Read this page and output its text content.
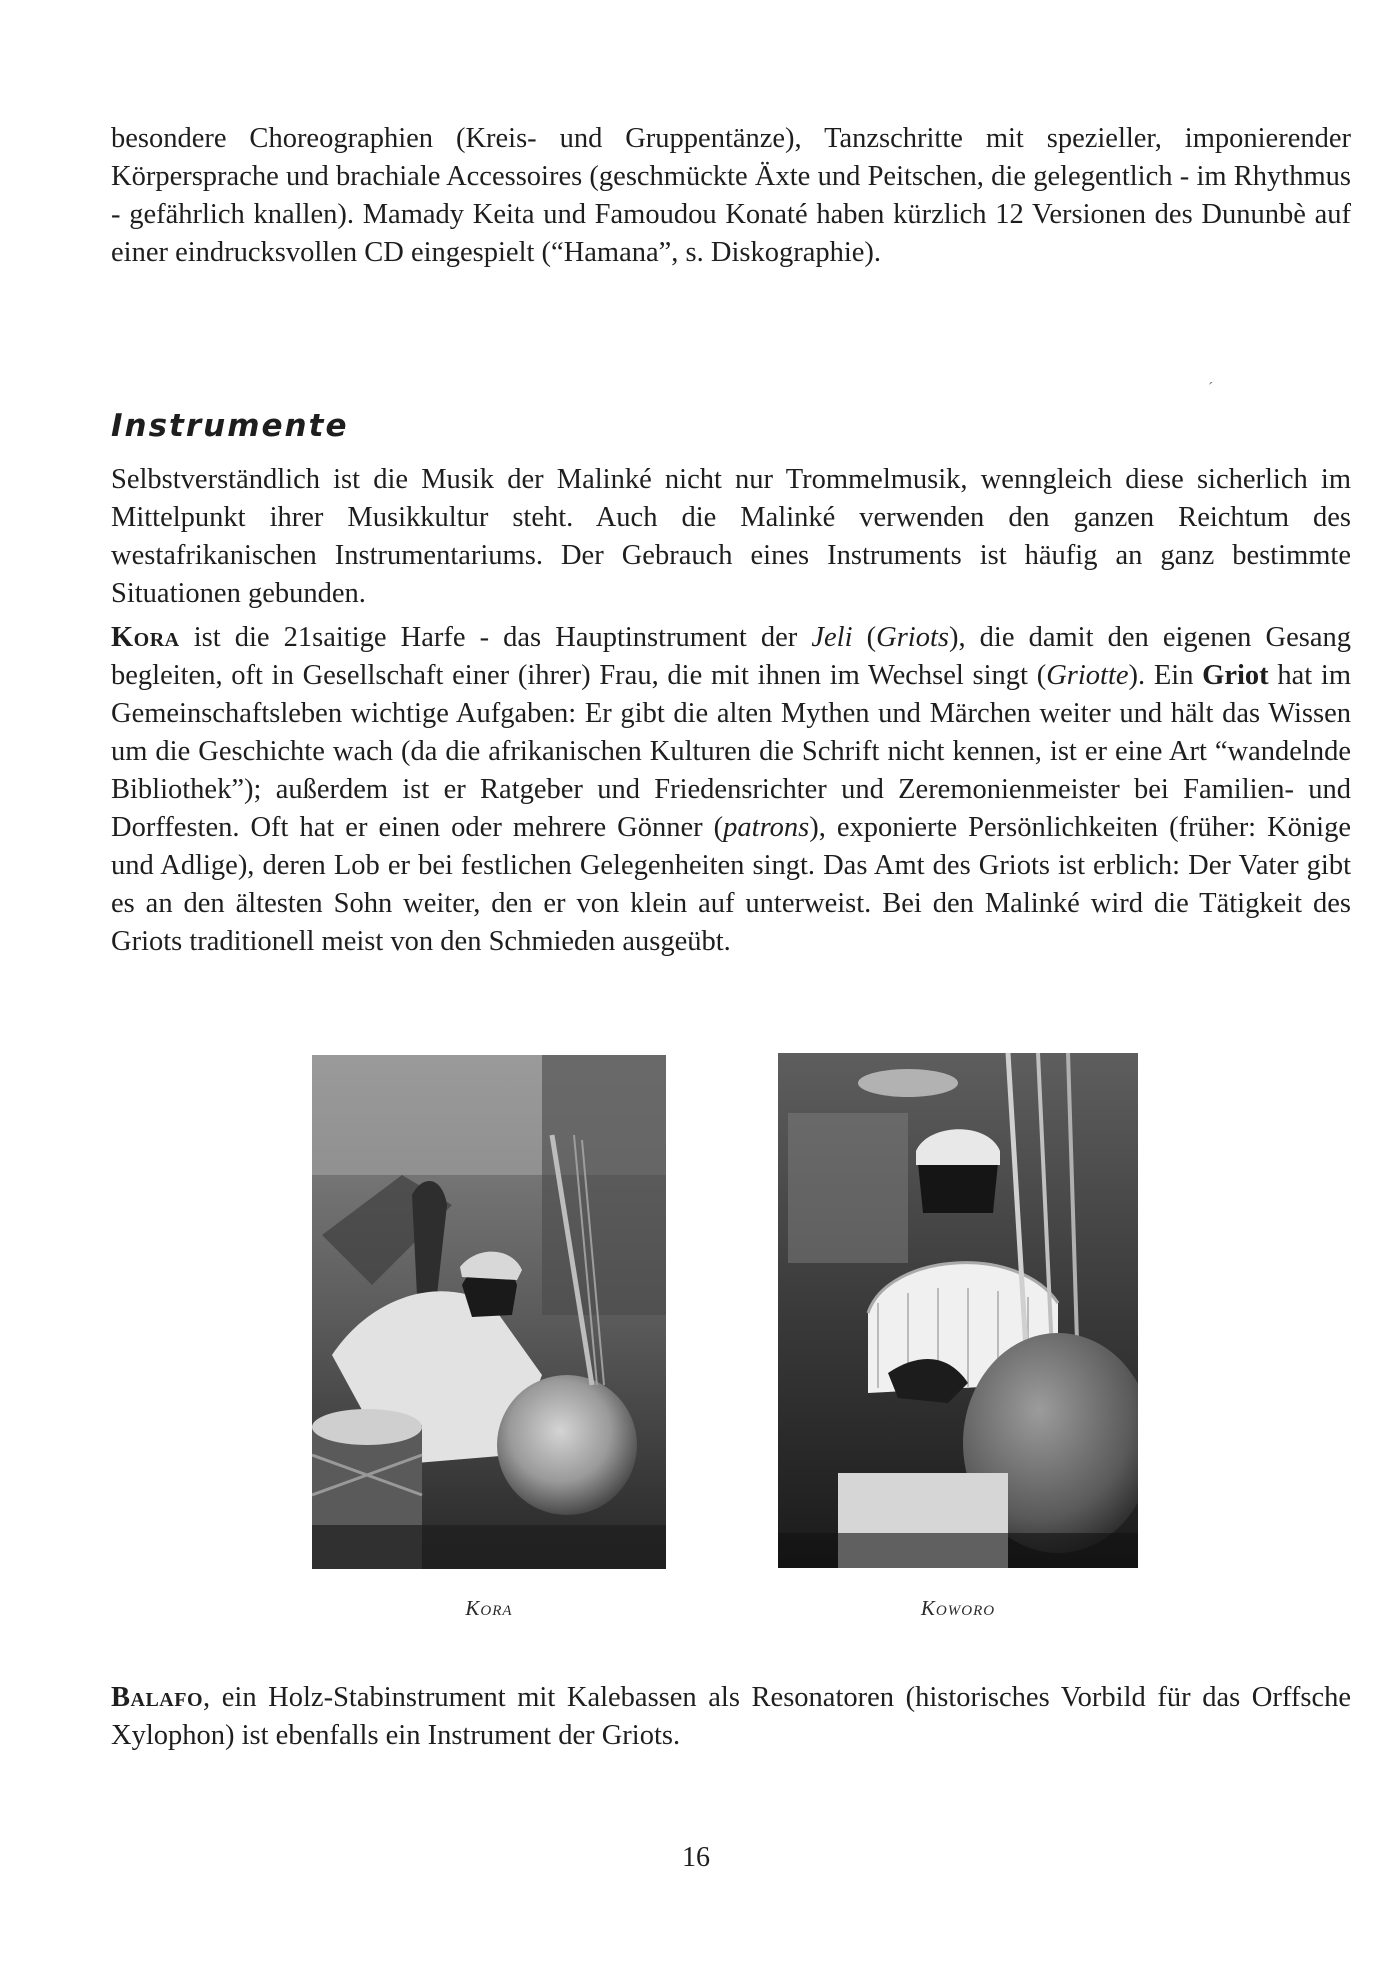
besondere Choreographien (Kreis- und Gruppentänze), Tanzschritte mit spezieller, imponierender Körpersprache und brachiale Accessoires (geschmückte Äxte und Peitschen, die gelegentlich - im Rhythmus - gefährlich knallen). Mamady Keita und Famoudou Konaté haben kürzlich 12 Versionen des Dununbè auf einer eindrucksvollen CD eingespielt (“Hamana”, s. Diskographie).

´
Instrumente

Selbstverständlich ist die Musik der Malinké nicht nur Trommelmusik, wenngleich diese sicherlich im Mittelpunkt ihrer Musikkultur steht. Auch die Malinké verwenden den ganzen Reichtum des westafrikanischen Instrumentariums. Der Gebrauch eines Instruments ist häufig an ganz bestimmte Situationen gebunden.

Kora ist die 21saitige Harfe - das Hauptinstrument der Jeli (Griots), die damit den eigenen Gesang begleiten, oft in Gesellschaft einer (ihrer) Frau, die mit ihnen im Wechsel singt (Griotte). Ein Griot hat im Gemeinschaftsleben wichtige Aufgaben: Er gibt die alten Mythen und Märchen weiter und hält das Wissen um die Geschichte wach (da die afrikanischen Kulturen die Schrift nicht kennen, ist er eine Art “wandelnde Bibliothek”); außerdem ist er Ratgeber und Friedensrichter und Zeremonienmeister bei Familien- und Dorffesten. Oft hat er einen oder mehrere Gönner (patrons), exponierte Persönlichkeiten (früher: Könige und Adlige), deren Lob er bei festlichen Gelegenheiten singt. Das Amt des Griots ist erblich: Der Vater gibt es an den ältesten Sohn weiter, den er von klein auf unterweist. Bei den Malinké wird die Tätigkeit des Griots traditionell meist von den Schmieden ausgeübt.

Kora	Koworo

Balafo, ein Holz-Stabinstrument mit Kalebassen als Resonatoren (historisches Vorbild für das Orffsche Xylophon) ist ebenfalls ein Instrument der Griots.

16
